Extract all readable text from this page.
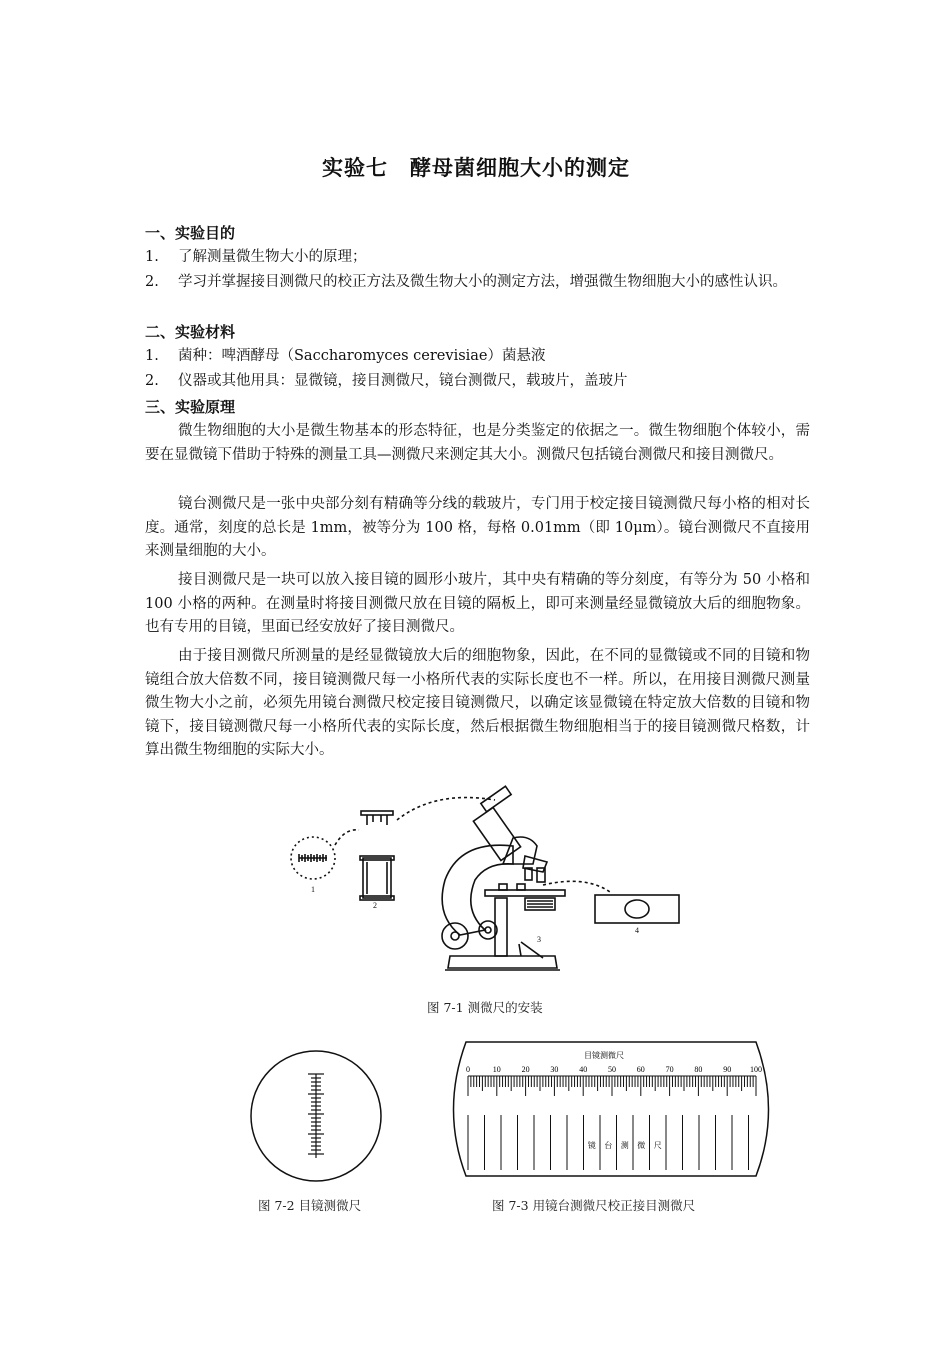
实验七　酵母菌细胞大小的测定
一、实验目的
1.	了解测量微生物大小的原理；
2.	学习并掌握接目测微尺的校正方法及微生物大小的测定方法，增强微生物细胞大小的感性认识。
二、实验材料
1.	菌种：啤酒酵母（Saccharomyces cerevisiae）菌悬液
2.	仪器或其他用具：显微镜，接目测微尺，镜台测微尺，载玻片，盖玻片
三、实验原理
微生物细胞的大小是微生物基本的形态特征，也是分类鉴定的依据之一。微生物细胞个体较小，需要在显微镜下借助于特殊的测量工具—测微尺来测定其大小。测微尺包括镜台测微尺和接目测微尺。
镜台测微尺是一张中央部分刻有精确等分线的载玻片，专门用于校定接目镜测微尺每小格的相对长度。通常，刻度的总长是 1mm，被等分为 100 格，每格 0.01mm（即 10μm）。镜台测微尺不直接用来测量细胞的大小。
接目测微尺是一块可以放入接目镜的圆形小玻片，其中央有精确的等分刻度，有等分为 50 小格和 100 小格的两种。在测量时将接目测微尺放在目镜的隔板上，即可来测量经显微镜放大后的细胞物象。也有专用的目镜，里面已经安放好了接目测微尺。
由于接目测微尺所测量的是经显微镜放大后的细胞物象，因此，在不同的显微镜或不同的目镜和物镜组合放大倍数不同，接目镜测微尺每一小格所代表的实际长度也不一样。所以，在用接目测微尺测量微生物大小之前，必须先用镜台测微尺校定接目镜测微尺，以确定该显微镜在特定放大倍数的目镜和物镜下，接目镜测微尺每一小格所代表的实际长度，然后根据微生物细胞相当于的接目镜测微尺格数，计算出微生物细胞的实际大小。
1
2
3
4
图 7-1 测微尺的安装
图 7-2 目镜测微尺
目镜测微尺
0	10	20	30	40	50	60	70	80	90 100
镜 台 测 微 尺
图 7-3 用镜台测微尺校正接目测微尺
